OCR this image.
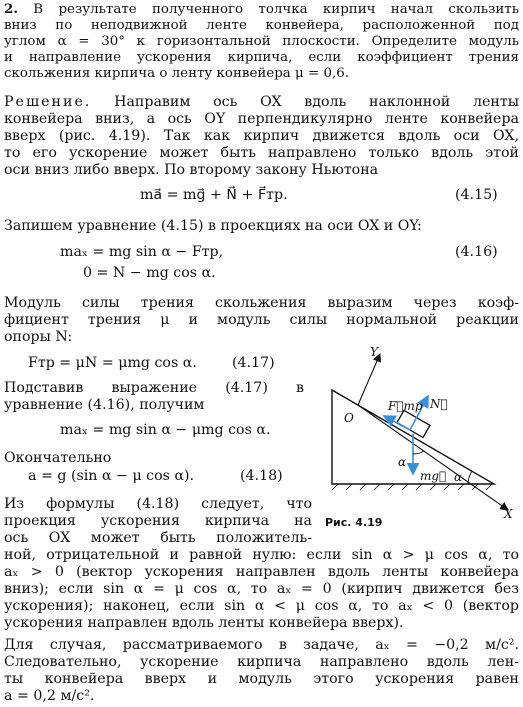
2. В результате полученного толчка кирпич начал скользить
вниз по неподвижной ленте конвейера, расположенной под
углом α = 30° к горизонтальной плоскости. Определите модуль
и направление ускорения кирпича, если коэффициент трения
скольжения кирпича о ленту конвейера μ = 0,6.
Решение. Направим ось OX вдоль наклонной ленты
конвейера вниз, а ось OY перпендикулярно ленте конвейера
вверх (рис. 4.19). Так как кирпич движется вдоль оси OX,
то его ускорение может быть направлено только вдоль этой
оси вниз либо вверх. По второму закону Ньютона
ma⃗ = mg⃗ + N⃗ + F⃗тр.	(4.15)
Запишем уравнение (4.15) в проекциях на оси OX и OY:
maₓ = mg sin α − Fтр,	(4.16)
0 = N − mg cos α.
Модуль силы трения скольжения выразим через коэф-
фициент трения μ и модуль силы нормальной реакции
опоры N:
Fтр = μN = μmg cos α. (4.17)
Подставив выражение (4.17) в
уравнение (4.16), получим
maₓ = mg sin α − μmg cos α.
Окончательно
a = g (sin α − μ cos α).	(4.18)
Из формулы (4.18) следует, что
проекция ускорения кирпича на
ось OX может быть положитель-
ной, отрицательной и равной нулю: если sin α > μ cos α, то
aₓ > 0 (вектор ускорения направлен вдоль ленты конвейера
вниз); если sin α = μ cos α, то aₓ = 0 (кирпич движется без
ускорения); наконец, если sin α < μ cos α, то aₓ < 0 (вектор
ускорения направлен вдоль ленты конвейера вверх).
Для случая, рассматриваемого в задаче, aₓ = −0,2 м/с².
Следовательно, ускорение кирпича направлено вдоль лен-
ты конвейера вверх и модуль этого ускорения равен
a = 0,2 м/с².
Y
X
O
F⃗тр N⃗
mg⃗ α
α
Рис. 4.19
